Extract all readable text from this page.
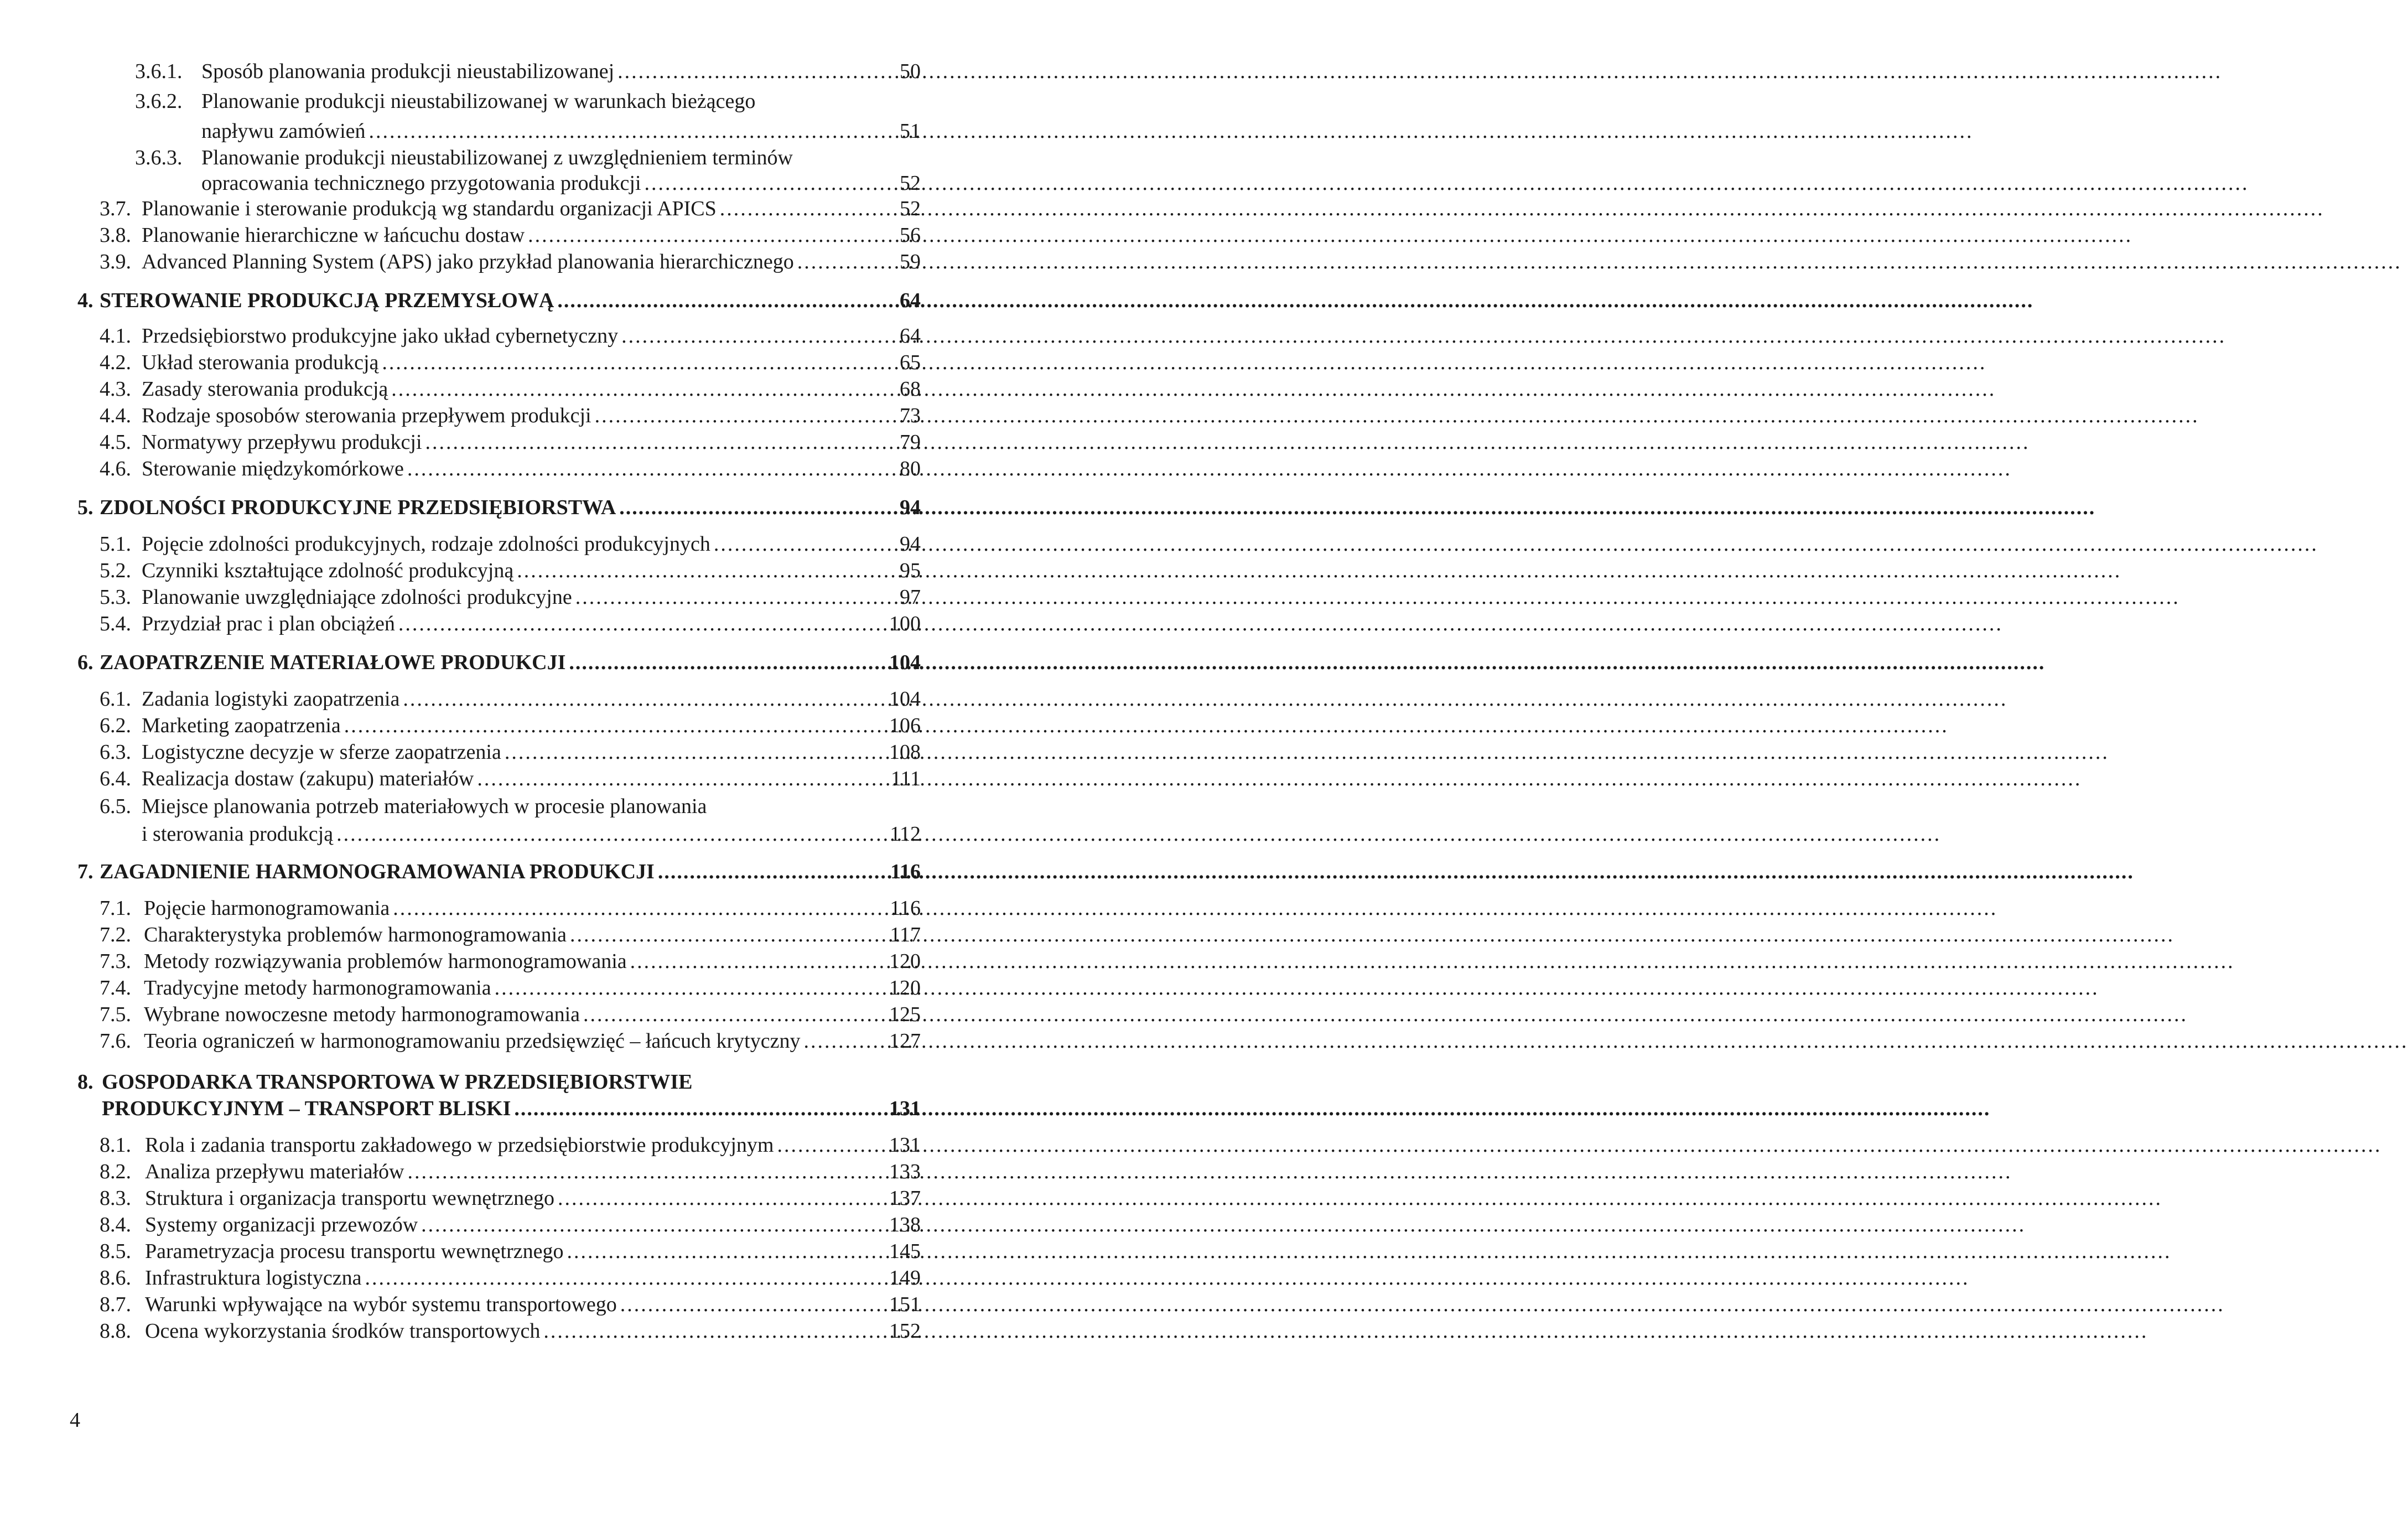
3.6.1. Sposób planowania produkcji nieustabilizowanej .....	50
3.6.2. Planowanie produkcji nieustabilizowanej w warunkach bieżącego
napływu zamówień .....	51
3.6.3. Planowanie produkcji nieustabilizowanej z uwzględnieniem terminów
opracowania technicznego przygotowania produkcji .....	52
3.7. Planowanie i sterowanie produkcją wg standardu organizacji APICS .....	52
3.8. Planowanie hierarchiczne w łańcuchu dostaw .....	56
3.9. Advanced Planning System (APS) jako przykład planowania hierarchicznego .....	59
4. STEROWANIE PRODUKCJĄ PRZEMYSŁOWĄ .....	64
4.1. Przedsiębiorstwo produkcyjne jako układ cybernetyczny .....	64
4.2. Układ sterowania produkcją .....	65
4.3. Zasady sterowania produkcją .....	68
4.4. Rodzaje sposobów sterowania przepływem produkcji .....	73
4.5. Normatywy przepływu produkcji .....	79
4.6. Sterowanie międzykomórkowe .....	80
5. ZDOLNOŚCI PRODUKCYJNE PRZEDSIĘBIORSTWA .....	94
5.1. Pojęcie zdolności produkcyjnych, rodzaje zdolności produkcyjnych .....	94
5.2. Czynniki kształtujące zdolność produkcyjną .....	95
5.3. Planowanie uwzględniające zdolności produkcyjne .....	97
5.4. Przydział prac i plan obciążeń .....	100
6. ZAOPATRZENIE MATERIAŁOWE PRODUKCJI .....	104
6.1. Zadania logistyki zaopatrzenia .....	104
6.2. Marketing zaopatrzenia .....	106
6.3. Logistyczne decyzje w sferze zaopatrzenia .....	108
6.4. Realizacja dostaw (zakupu) materiałów .....	111
6.5. Miejsce planowania potrzeb materiałowych w procesie planowania
i sterowania produkcją .....	112
7. ZAGADNIENIE HARMONOGRAMOWANIA PRODUKCJI .....	116
7.1. Pojęcie harmonogramowania .....	116
7.2. Charakterystyka problemów harmonogramowania .....	117
7.3. Metody rozwiązywania problemów harmonogramowania .....	120
7.4. Tradycyjne metody harmonogramowania .....	120
7.5. Wybrane nowoczesne metody harmonogramowania .....	125
7.6. Teoria ograniczeń w harmonogramowaniu przedsięwzięć – łańcuch krytyczny .....	127
8. GOSPODARKA TRANSPORTOWA W PRZEDSIĘBIORSTWIE
PRODUKCYJNYM – TRANSPORT BLISKI .....	131
8.1. Rola i zadania transportu zakładowego w przedsiębiorstwie produkcyjnym .....	131
8.2. Analiza przepływu materiałów .....	133
8.3. Struktura i organizacja transportu wewnętrznego .....	137
8.4. Systemy organizacji przewozów .....	138
8.5. Parametryzacja procesu transportu wewnętrznego .....	145
8.6. Infrastruktura logistyczna .....	149
8.7. Warunki wpływające na wybór systemu transportowego .....	151
8.8. Ocena wykorzystania środków transportowych .....	152
4
